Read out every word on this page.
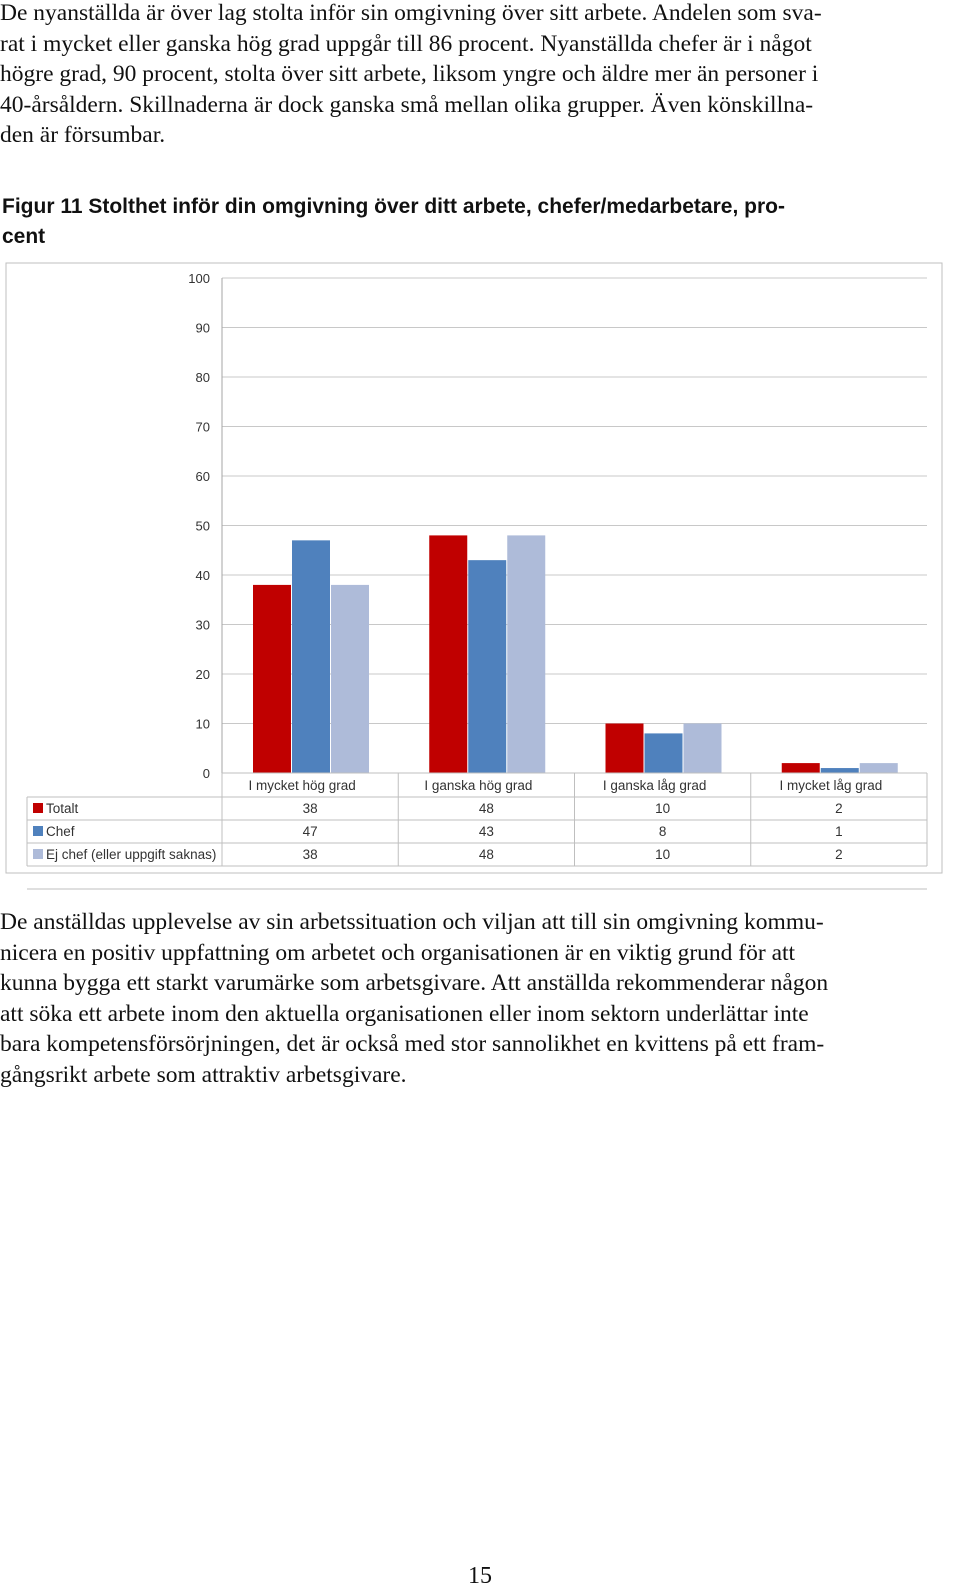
De nyanställda är över lag stolta inför sin omgivning över sitt arbete. Andelen som sva-
rat i mycket eller ganska hög grad uppgår till 86 procent. Nyanställda chefer är i något
högre grad, 90 procent, stolta över sitt arbete, liksom yngre och äldre mer än personer i
40-årsåldern. Skillnaderna är dock ganska små mellan olika grupper. Även könskillna-
den är försumbar.
Figur 11 Stolthet inför din omgivning över ditt arbete, chefer/medarbetare, pro-
cent
0
10
20
30
40
50
60
70
80
90
100
I mycket hög grad	I ganska hög grad	I ganska låg grad	I mycket låg grad
Totalt	38	48	10	2
Chef	47	43	8	1
Ej chef (eller uppgift saknas)	38	48	10	2
De anställdas upplevelse av sin arbetssituation och viljan att till sin omgivning kommu-
nicera en positiv uppfattning om arbetet och organisationen är en viktig grund för att
kunna bygga ett starkt varumärke som arbetsgivare. Att anställda rekommenderar någon
att söka ett arbete inom den aktuella organisationen eller inom sektorn underlättar inte
bara kompetensförsörjningen, det är också med stor sannolikhet en kvittens på ett fram-
gångsrikt arbete som attraktiv arbetsgivare.
15
